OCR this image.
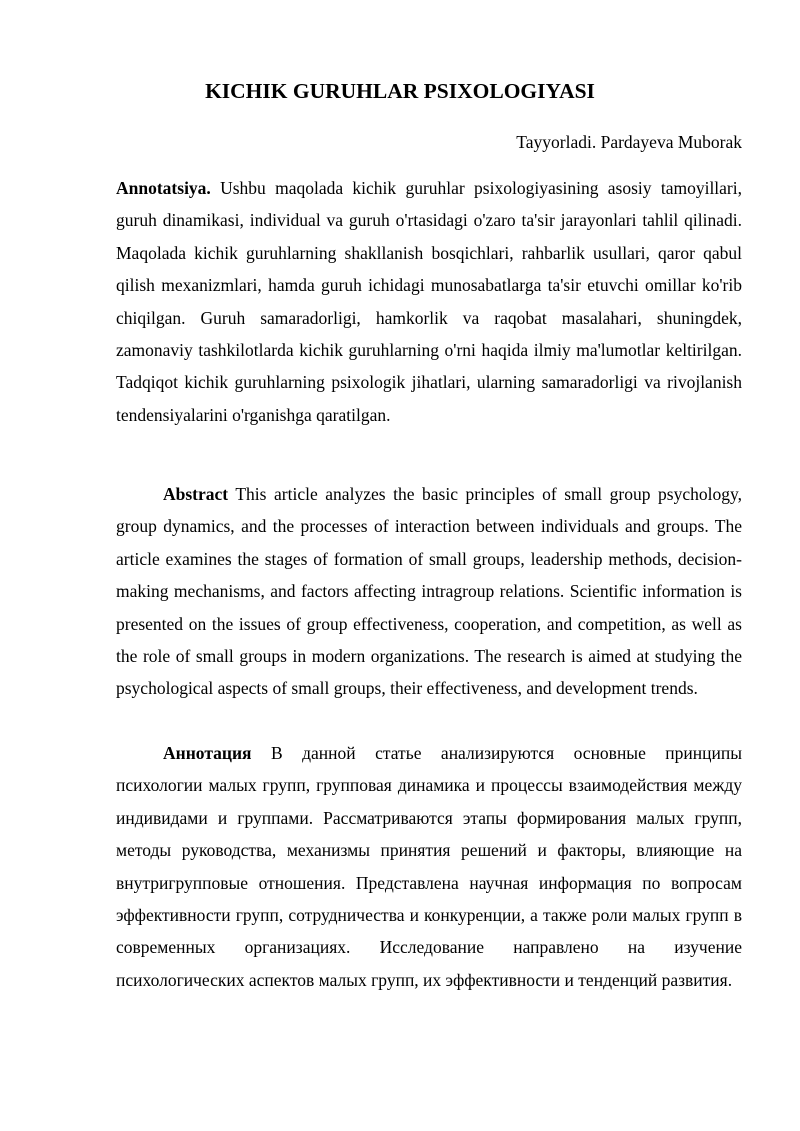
KICHIK GURUHLAR PSIXOLOGIYASI

Tayyorladi. Pardayeva Muborak

Annotatsiya. Ushbu maqolada kichik guruhlar psixologiyasining asosiy tamoyillari, guruh dinamikasi, individual va guruh o'rtasidagi o'zaro ta'sir jarayonlari tahlil qilinadi. Maqolada kichik guruhlarning shakllanish bosqichlari, rahbarlik usullari, qaror qabul qilish mexanizmlari, hamda guruh ichidagi munosabatlarga ta'sir etuvchi omillar ko'rib chiqilgan. Guruh samaradorligi, hamkorlik va raqobat masalahari, shuningdek, zamonaviy tashkilotlarda kichik guruhlarning o'rni haqida ilmiy ma'lumotlar keltirilgan. Tadqiqot kichik guruhlarning psixologik jihatlari, ularning samaradorligi va rivojlanish tendensiyalarini o'rganishga qaratilgan.

Abstract This article analyzes the basic principles of small group psychology, group dynamics, and the processes of interaction between individuals and groups. The article examines the stages of formation of small groups, leadership methods, decision-making mechanisms, and factors affecting intragroup relations. Scientific information is presented on the issues of group effectiveness, cooperation, and competition, as well as the role of small groups in modern organizations. The research is aimed at studying the psychological aspects of small groups, their effectiveness, and development trends.

Аннотация В данной статье анализируются основные принципы психологии малых групп, групповая динамика и процессы взаимодействия между индивидами и группами. Рассматриваются этапы формирования малых групп, методы руководства, механизмы принятия решений и факторы, влияющие на внутригрупповые отношения. Представлена научная информация по вопросам эффективности групп, сотрудничества и конкуренции, а также роли малых групп в современных организациях. Исследование направлено на изучение психологических аспектов малых групп, их эффективности и тенденций развития.
